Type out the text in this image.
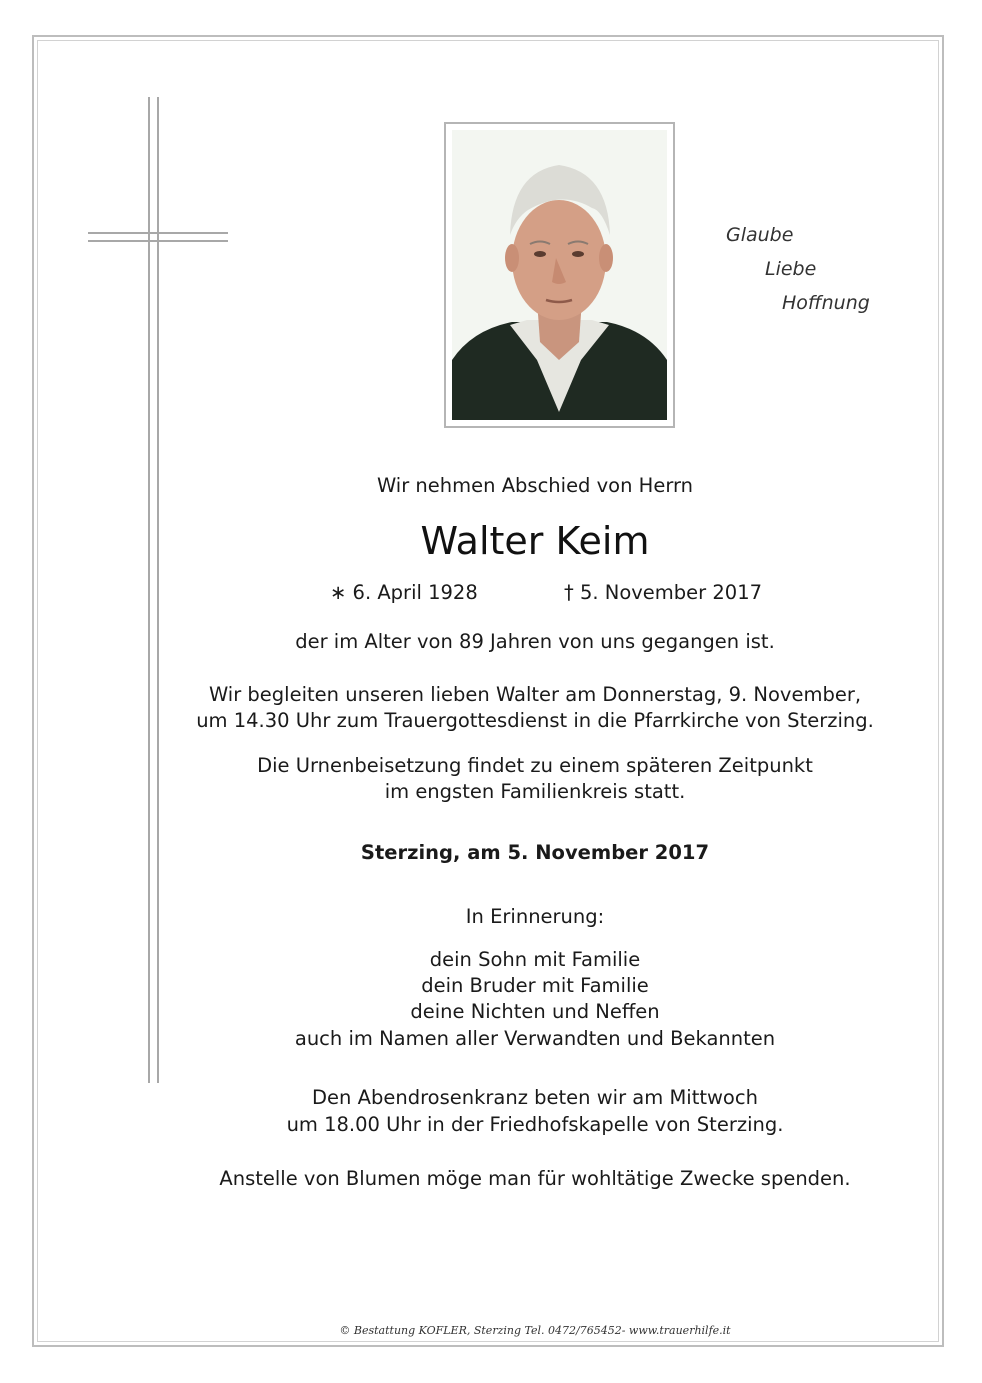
Glaube
Liebe
Hoffnung
Wir nehmen Abschied von Herrn
Walter Keim
∗ 6. April 1928	† 5. November 2017
der im Alter von 89 Jahren von uns gegangen ist.
Wir begleiten unseren lieben Walter am Donnerstag, 9. November,
um 14.30 Uhr zum Trauergottesdienst in die Pfarrkirche von Sterzing.
Die Urnenbeisetzung findet zu einem späteren Zeitpunkt
im engsten Familienkreis statt.
Sterzing, am 5. November 2017
In Erinnerung:
dein Sohn mit Familie
dein Bruder mit Familie
deine Nichten und Neffen
auch im Namen aller Verwandten und Bekannten
Den Abendrosenkranz beten wir am Mittwoch
um 18.00 Uhr in der Friedhofskapelle von Sterzing.
Anstelle von Blumen möge man für wohltätige Zwecke spenden.
© Bestattung KOFLER, Sterzing Tel. 0472/765452- www.trauerhilfe.it
